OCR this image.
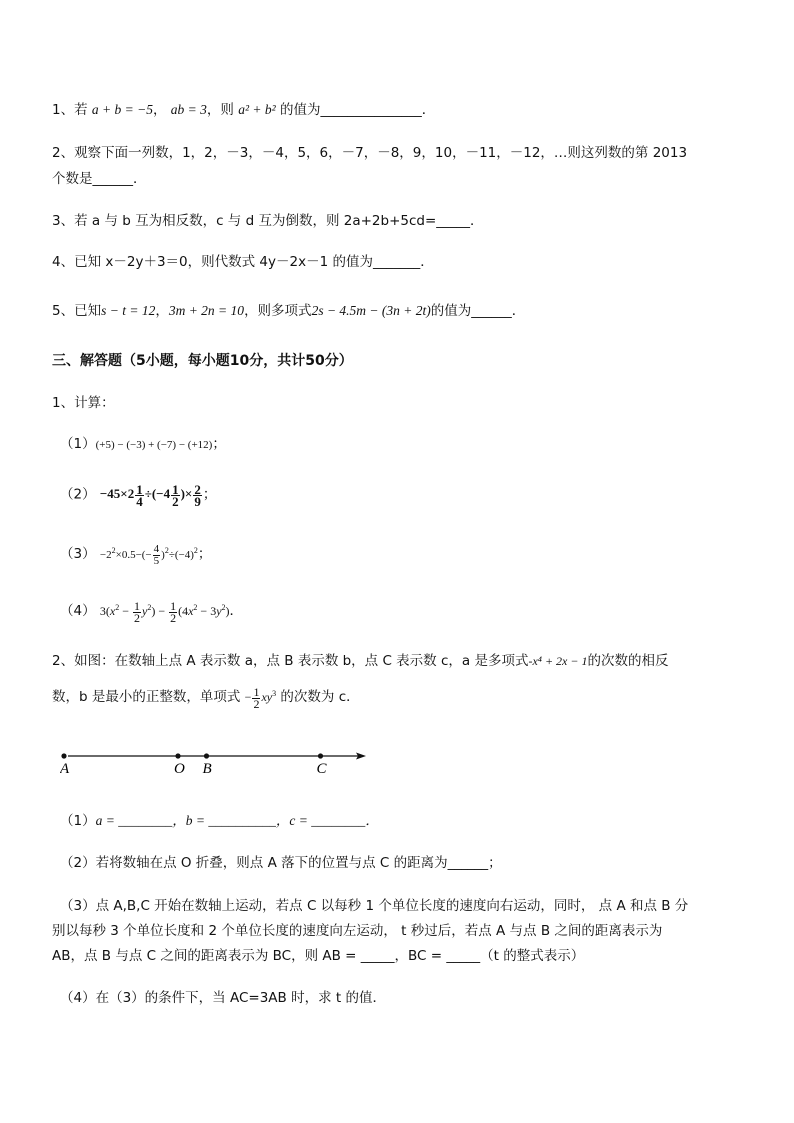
1、若 a + b = −5， ab = 3，则 a² + b² 的值为_______________．
2、观察下面一列数，1，2，－3，－4，5，6，－7，－8，9，10，－11，－12，…则这列数的第 2013
个数是______．
3、若 a 与 b 互为相反数，c 与 d 互为倒数，则 2a+2b+5cd=_____．
4、已知 x－2y＋3＝0，则代数式 4y－2x－1 的值为_______．
5、已知s − t = 12，3m + 2n = 10，则多项式2s − 4.5m − (3n + 2t)的值为______．
三、解答题（5小题，每小题10分，共计50分）
1、计算：
（1）(+5) − (−3) + (−7) − (+12)；
$(2) -45\times 2 \frac{1}{4} \div(-4 \frac{1}{2}$ )× $\frac{2}{9}$ ；
$(3) -2^2\times 0.5-(- \frac{4}{5} )^2\div(-4)^2$；
（4） $3(x^2 - \frac{1}{2} y^2) - \frac{1}{2} (4x^2 - 3y^2)$．
2、如图：在数轴上点 A 表示数 a，点 B 表示数 b，点 C 表示数 c，a 是多项式-x⁴ + 2x − 1的次数的相反
数，b 是最小的正整数，单项式 − $\frac{1}{2} xy^3$ 的次数为 c．
A	O B	C
（1）a = ________，b = __________，c = ________．
（2）若将数轴在点 O 折叠，则点 A 落下的位置与点 C 的距离为______；
（3）点 A,B,C 开始在数轴上运动，若点 C 以每秒 1 个单位长度的速度向右运动，同时， 点 A 和点 B 分
别以每秒 3 个单位长度和 2 个单位长度的速度向左运动， t 秒过后，若点 A 与点 B 之间的距离表示为
AB，点 B 与点 C 之间的距离表示为 BC，则 AB = _____，BC = _____（t 的整式表示）
（4）在（3）的条件下，当 AC=3AB 时，求 t 的值．
